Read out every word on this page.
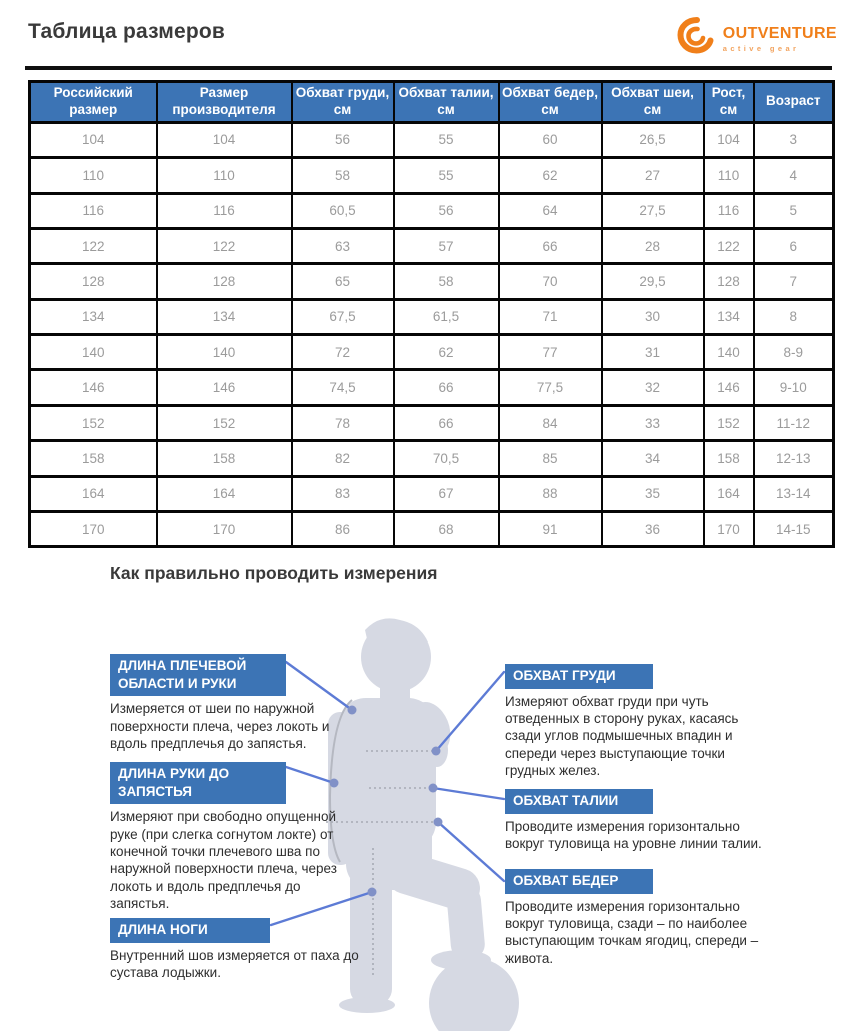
Таблица размеров	OUTVENTURE
active gear
Российский размер	Размер производителя	Обхват груди, см	Обхват талии, см	Обхват бедер, см	Обхват шеи, см	Рост, см	Возраст
104	104	56	55	60	26,5	104	3
110	110	58	55	62	27	110	4
116	116	60,5	56	64	27,5	116	5
122	122	63	57	66	28	122	6
128	128	65	58	70	29,5	128	7
134	134	67,5	61,5	71	30	134	8
140	140	72	62	77	31	140	8-9
146	146	74,5	66	77,5	32	146	9-10
152	152	78	66	84	33	152	11-12
158	158	82	70,5	85	34	158	12-13
164	164	83	67	88	35	164	13-14
170	170	86	68	91	36	170	14-15
Как правильно проводить измерения
ДЛИНА ПЛЕЧЕВОЙ ОБЛАСТИ И РУКИ

Измеряется от шеи по наружной поверхности плеча, через локоть и вдоль предплечья до запястья.

ДЛИНА РУКИ ДО ЗАПЯСТЬЯ

Измеряют при свободно опущенной руке (при слегка согнутом локте) от конечной точки плечевого шва по наружной поверхности плеча, через локоть и вдоль предплечья до запястья.

ДЛИНА НОГИ

Внутренний шов измеряется от паха до сустава лодыжки.

ОБХВАТ ГРУДИ

Измеряют обхват груди при чуть отведенных в сторону руках, касаясь сзади углов подмышечных впадин и спереди через выступающие точки грудных желез.

ОБХВАТ ТАЛИИ

Проводите измерения горизонтально вокруг туловища на уровне линии талии.

ОБХВАТ БЕДЕР

Проводите измерения горизонтально вокруг туловища, сзади – по наиболее выступающим точкам ягодиц, спереди – живота.
